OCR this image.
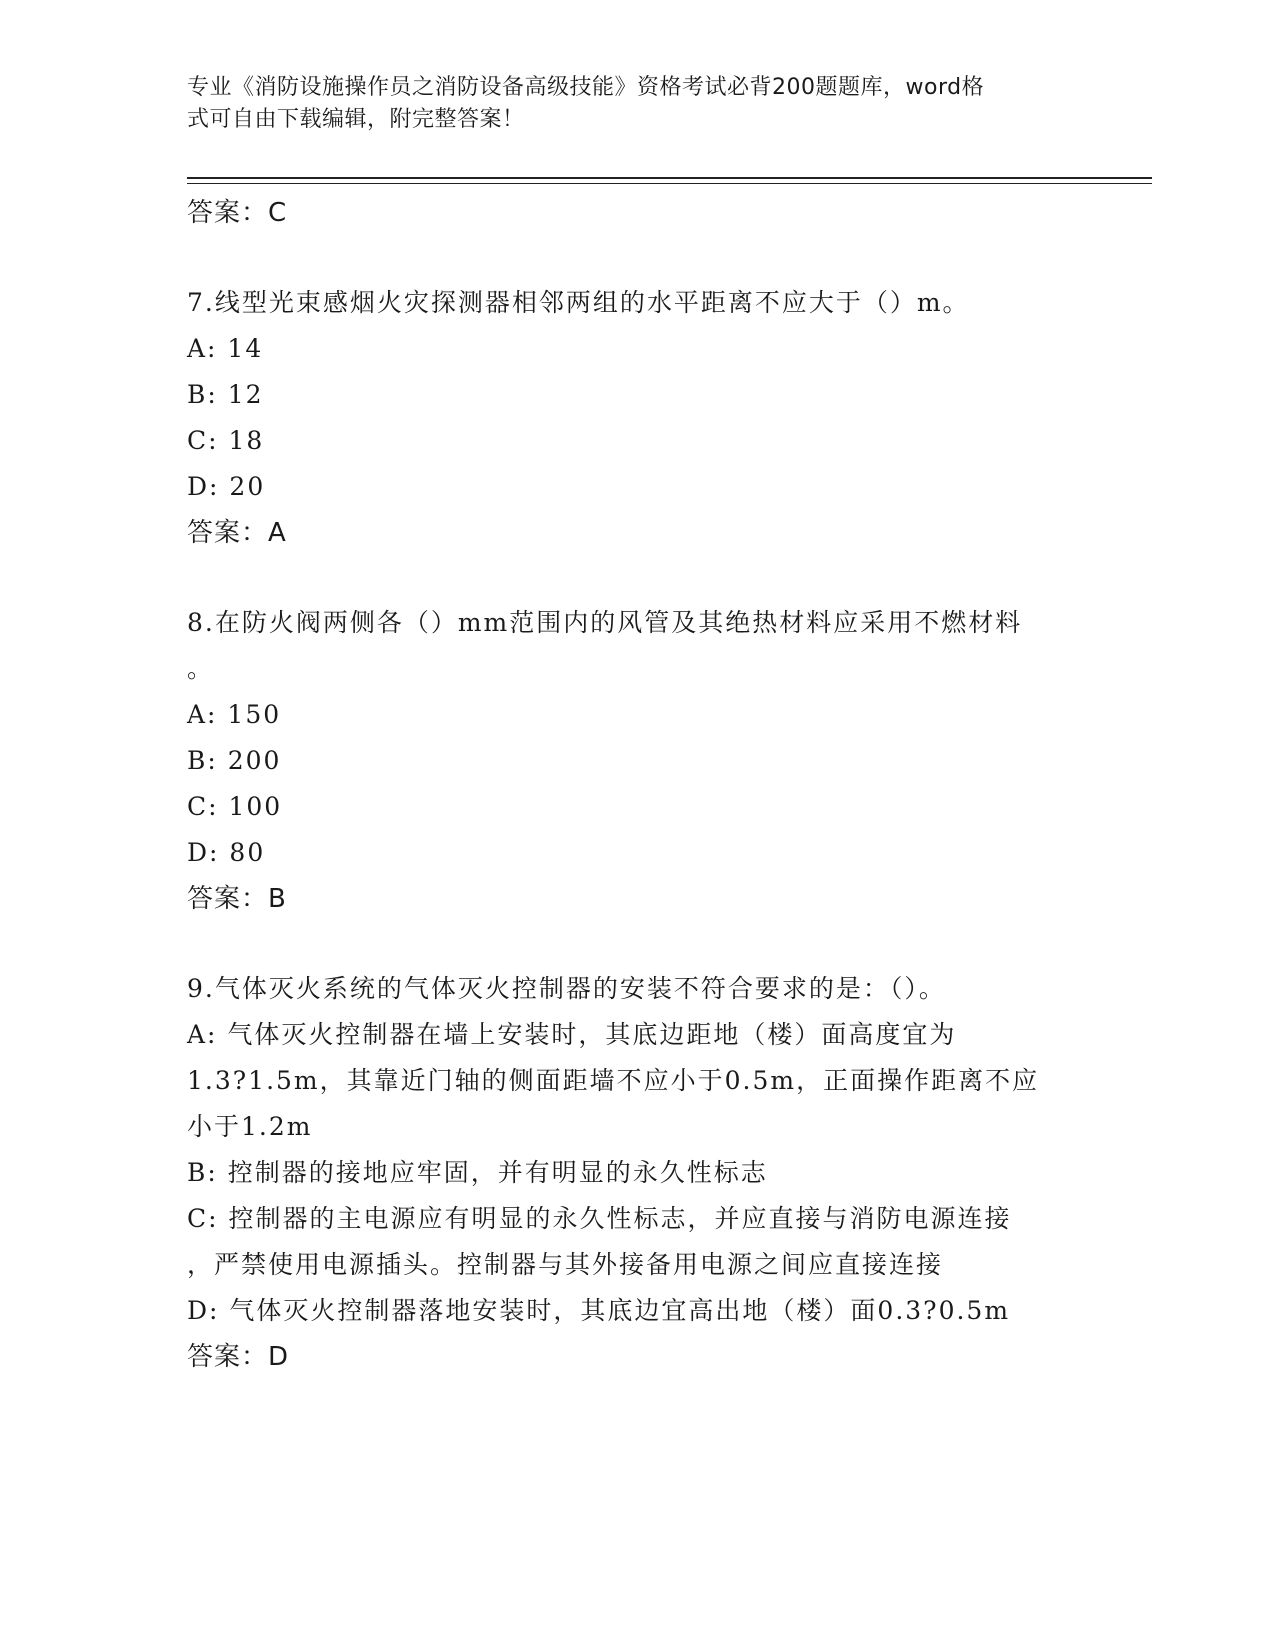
专业《消防设施操作员之消防设备高级技能》资格考试必背200题题库，word格
式可自由下载编辑，附完整答案！
答案：C
7.线型光束感烟火灾探测器相邻两组的水平距离不应大于（）m。
A: 14
B: 12
C: 18
D: 20
答案：A
8.在防火阀两侧各（）mm范围内的风管及其绝热材料应采用不燃材料
。
A: 150
B: 200
C: 100
D: 80
答案：B
9.气体灭火系统的气体灭火控制器的安装不符合要求的是：（）。
A: 气体灭火控制器在墙上安装时，其底边距地（楼）面高度宜为
1.3?1.5m，其靠近门轴的侧面距墙不应小于0.5m，正面操作距离不应
小于1.2m
B: 控制器的接地应牢固，并有明显的永久性标志
C: 控制器的主电源应有明显的永久性标志，并应直接与消防电源连接
，严禁使用电源插头。控制器与其外接备用电源之间应直接连接
D: 气体灭火控制器落地安装时，其底边宜高出地（楼）面0.3?0.5m
答案：D
